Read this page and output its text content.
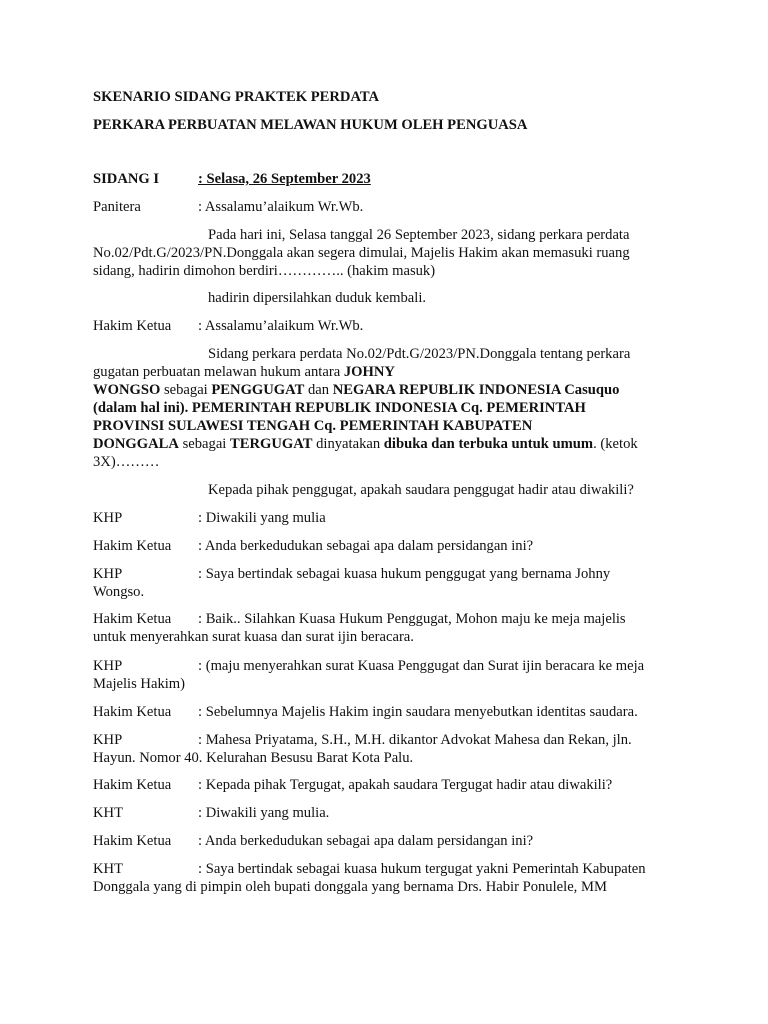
SKENARIO SIDANG PRAKTEK PERDATA

PERKARA PERBUATAN MELAWAN HUKUM OLEH PENGUASA

SIDANG I	: Selasa, 26 September 2023

Panitera	: Assalamu’alaikum Wr.Wb.

Pada hari ini, Selasa tanggal 26 September 2023, sidang perkara perdata
No.02/Pdt.G/2023/PN.Donggala akan segera dimulai, Majelis Hakim akan memasuki ruang
sidang, hadirin dimohon berdiri………….. (hakim masuk)

hadirin dipersilahkan duduk kembali.

Hakim Ketua : Assalamu’alaikum Wr.Wb.

Sidang perkara perdata No.02/Pdt.G/2023/PN.Donggala tentang perkara
gugatan perbuatan melawan hukum antara JOHNY
WONGSO sebagai PENGGUGAT dan NEGARA REPUBLIK INDONESIA Casuquo
(dalam hal ini). PEMERINTAH REPUBLIK INDONESIA Cq. PEMERINTAH
PROVINSI SULAWESI TENGAH Cq. PEMERINTAH KABUPATEN
DONGGALA sebagai TERGUGAT dinyatakan dibuka dan terbuka untuk umum. (ketok
3X)………

Kepada pihak penggugat, apakah saudara penggugat hadir atau diwakili?

KHP	: Diwakili yang mulia

Hakim Ketua : Anda berkedudukan sebagai apa dalam persidangan ini?

KHP	: Saya bertindak sebagai kuasa hukum penggugat yang bernama Johny
Wongso.

Hakim Ketua : Baik.. Silahkan Kuasa Hukum Penggugat, Mohon maju ke meja majelis
untuk menyerahkan surat kuasa dan surat ijin beracara.

KHP	: (maju menyerahkan surat Kuasa Penggugat dan Surat ijin beracara ke meja
Majelis Hakim)

Hakim Ketua : Sebelumnya Majelis Hakim ingin saudara menyebutkan identitas saudara.

KHP	: Mahesa Priyatama, S.H., M.H. dikantor Advokat Mahesa dan Rekan, jln.
Hayun. Nomor 40. Kelurahan Besusu Barat Kota Palu.

Hakim Ketua : Kepada pihak Tergugat, apakah saudara Tergugat hadir atau diwakili?

KHT	: Diwakili yang mulia.

Hakim Ketua : Anda berkedudukan sebagai apa dalam persidangan ini?

KHT	: Saya bertindak sebagai kuasa hukum tergugat yakni Pemerintah Kabupaten
Donggala yang di pimpin oleh bupati donggala yang bernama Drs. Habir Ponulele, MM
